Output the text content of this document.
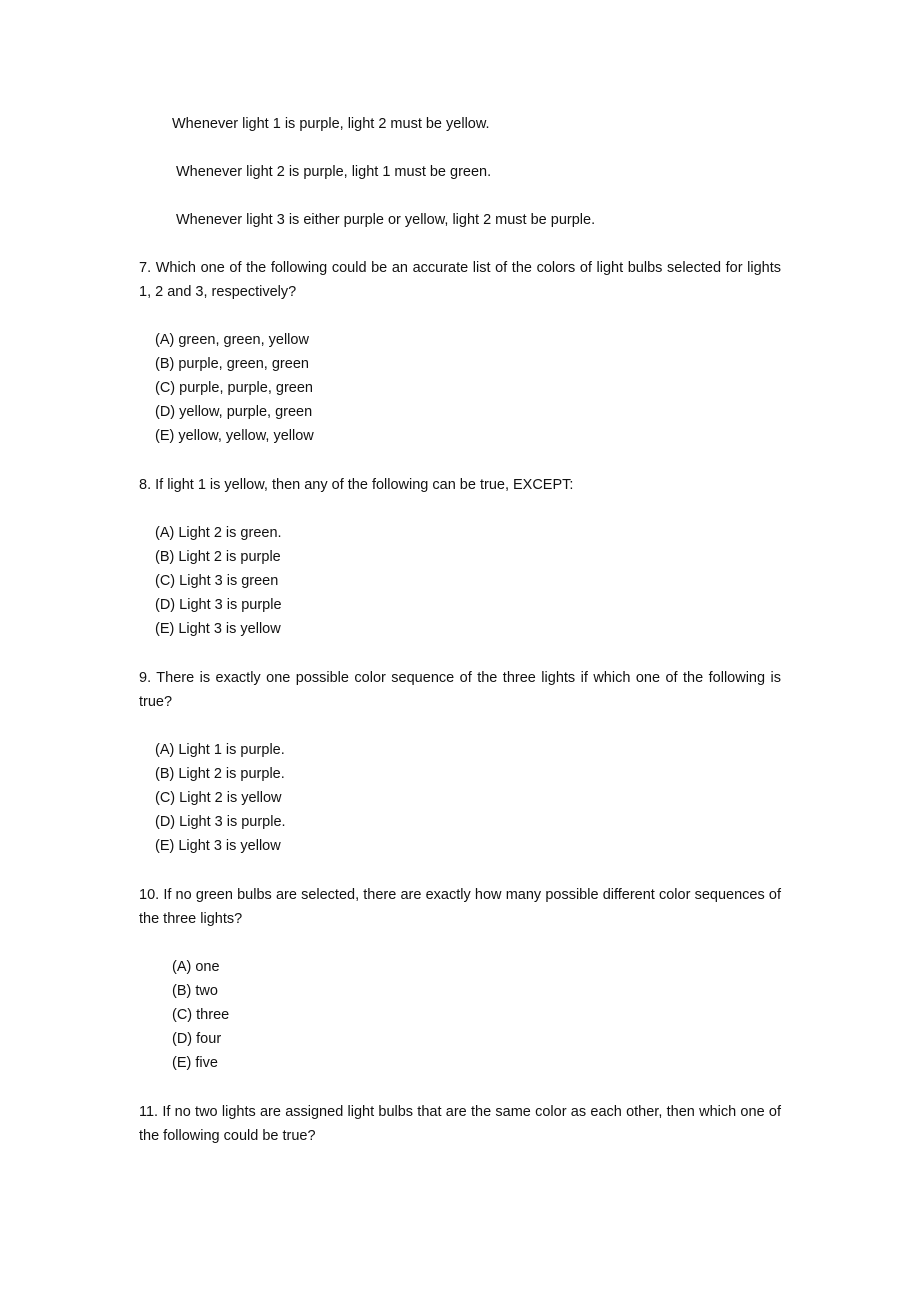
Whenever light 1 is purple, light 2 must be yellow.
Whenever light 2 is purple, light 1 must be green.
Whenever light 3 is either purple or yellow, light 2 must be purple.

7. Which one of the following could be an accurate list of the colors of light bulbs selected for lights 1, 2 and 3, respectively?

(A) green, green, yellow
(B) purple, green, green
(C) purple, purple, green
(D) yellow, purple, green
(E) yellow, yellow, yellow

8. If light 1 is yellow, then any of the following can be true, EXCEPT:

(A) Light 2 is green.
(B) Light 2 is purple
(C) Light 3 is green
(D) Light 3 is purple
(E) Light 3 is yellow

9. There is exactly one possible color sequence of the three lights if which one of the following is true?

(A) Light 1 is purple.
(B) Light 2 is purple.
(C) Light 2 is yellow
(D) Light 3 is purple.
(E) Light 3 is yellow

10. If no green bulbs are selected, there are exactly how many possible different color sequences of the three lights?

(A) one
(B) two
(C) three
(D) four
(E) five

11. If no two lights are assigned light bulbs that are the same color as each other, then which one of the following could be true?
